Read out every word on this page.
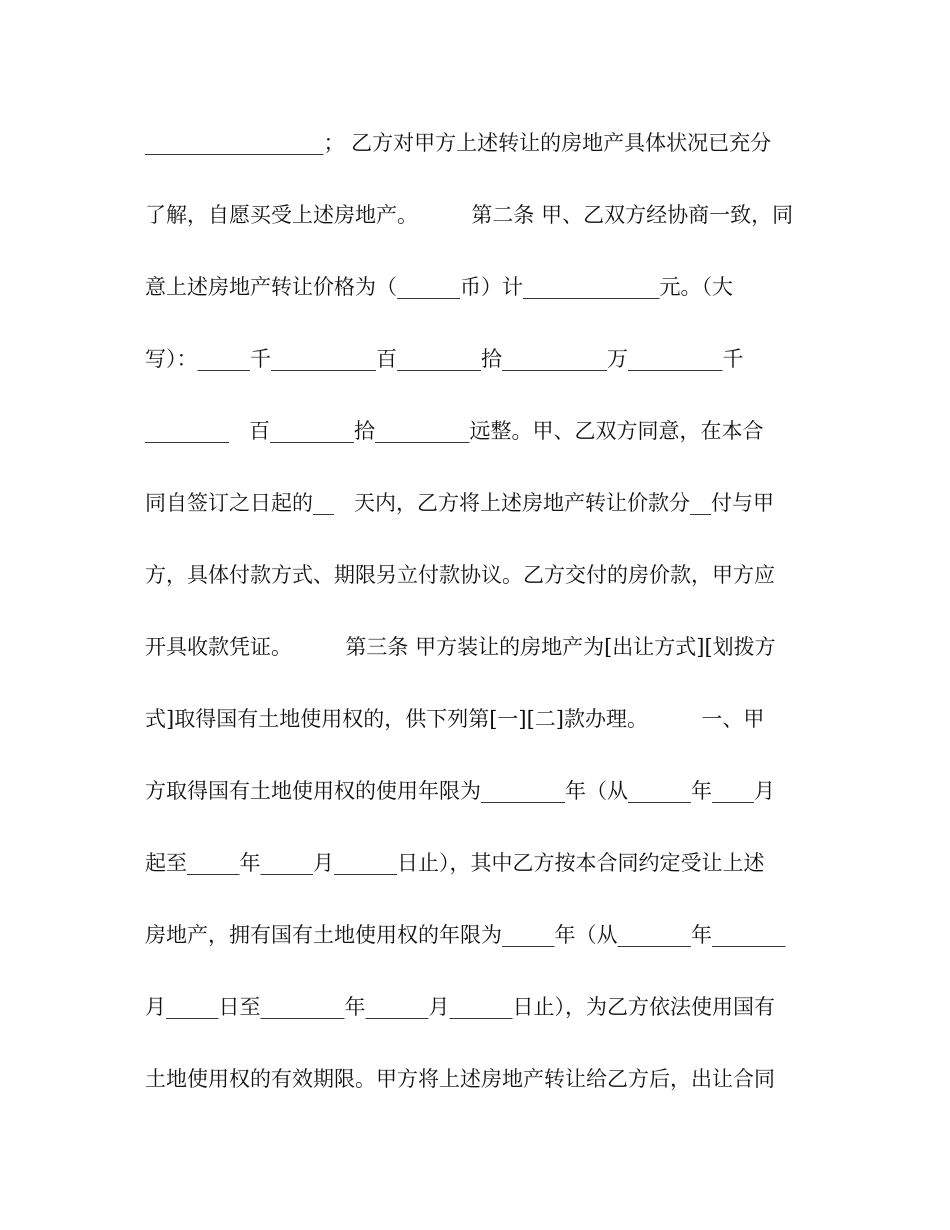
_________________； 乙方对甲方上述转让的房地产具体状况已充分
了解，自愿买受上述房地产。        第二条 甲、乙双方经协商一致，同
意上述房地产转让价格为（______币）计_____________元。（大
写）：_____千__________百________拾__________万_________千
________   百________拾_________远整。甲、乙双方同意，在本合
同自签订之日起的__   天内，乙方将上述房地产转让价款分__付与甲
方，具体付款方式、期限另立付款协议。乙方交付的房价款，甲方应
开具收款凭证。        第三条 甲方装让的房地产为[出让方式][划拨方
式]取得国有土地使用权的，供下列第[一][二]款办理。        一、甲
方取得国有土地使用权的使用年限为________年（从______年____月
起至_____年_____月______日止），其中乙方按本合同约定受让上述
房地产，拥有国有土地使用权的年限为_____年（从_______年_______
月_____日至________年______月______日止），为乙方依法使用国有
土地使用权的有效期限。甲方将上述房地产转让给乙方后，出让合同
